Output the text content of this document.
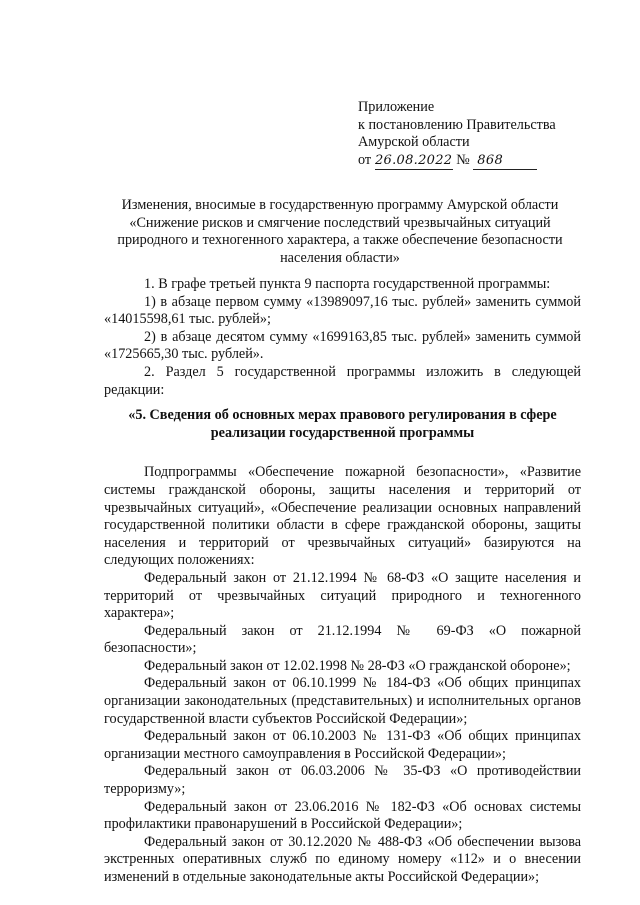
Приложение
к постановлению Правительства
Амурской области
от 26.08.2022 № 868
Изменения, вносимые в государственную программу Амурской области
«Снижение рисков и смягчение последствий чрезвычайных ситуаций
природного и техногенного характера, а также обеспечение безопасности
населения области»

1. В графе третьей пункта 9 паспорта государственной программы:

1) в абзаце первом сумму «13989097,16 тыс. рублей» заменить суммой «14015598,61 тыс. рублей»;

2) в абзаце десятом сумму «1699163,85 тыс. рублей» заменить суммой «1725665,30 тыс. рублей».

2. Раздел 5 государственной программы изложить в следующей редакции:

«5. Сведения об основных мерах правового регулирования в сфере реализации государственной программы

Подпрограммы «Обеспечение пожарной безопасности», «Развитие системы гражданской обороны, защиты населения и территорий от чрезвычайных ситуаций», «Обеспечение реализации основных направлений государственной политики области в сфере гражданской обороны, защиты населения и территорий от чрезвычайных ситуаций» базируются на следующих положениях:

Федеральный закон от 21.12.1994 № 68-ФЗ «О защите населения и территорий от чрезвычайных ситуаций природного и техногенного характера»;

Федеральный закон от 21.12.1994 № 69-ФЗ «О пожарной безопасности»;

Федеральный закон от 12.02.1998 № 28-ФЗ «О гражданской обороне»;

Федеральный закон от 06.10.1999 № 184-ФЗ «Об общих принципах организации законодательных (представительных) и исполнительных органов государственной власти субъектов Российской Федерации»;

Федеральный закон от 06.10.2003 № 131-ФЗ «Об общих принципах организации местного самоуправления в Российской Федерации»;

Федеральный закон от 06.03.2006 № 35-ФЗ «О противодействии терроризму»;

Федеральный закон от 23.06.2016 № 182-ФЗ «Об основах системы профилактики правонарушений в Российской Федерации»;

Федеральный закон от 30.12.2020 № 488-ФЗ «Об обеспечении вызова экстренных оперативных служб по единому номеру «112» и о внесении изменений в отдельные законодательные акты Российской Федерации»;
